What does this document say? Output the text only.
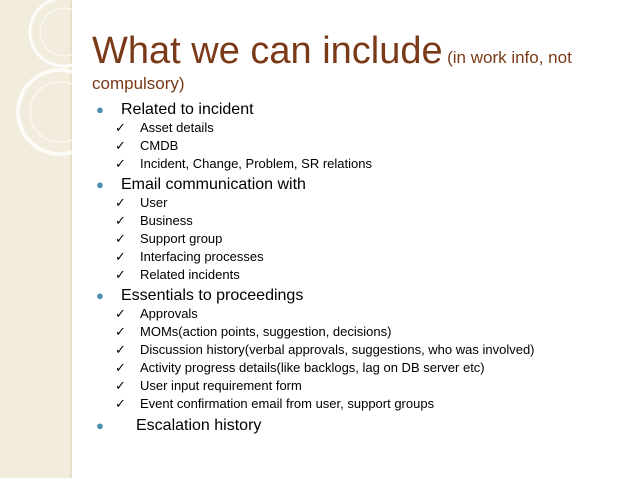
What we can include (in work info, not
compulsory)
● Related to incident
✓ Asset details
✓ CMDB
✓ Incident, Change, Problem, SR relations
● Email communication with
✓ User
✓ Business
✓ Support group
✓ Interfacing processes
✓ Related incidents
● Essentials to proceedings
✓ Approvals
✓ MOMs(action points, suggestion, decisions)
✓ Discussion history(verbal approvals, suggestions, who was involved)
✓ Activity progress details(like backlogs, lag on DB server etc)
✓ User input requirement form
✓ Event confirmation email from user, support groups
● Escalation history
